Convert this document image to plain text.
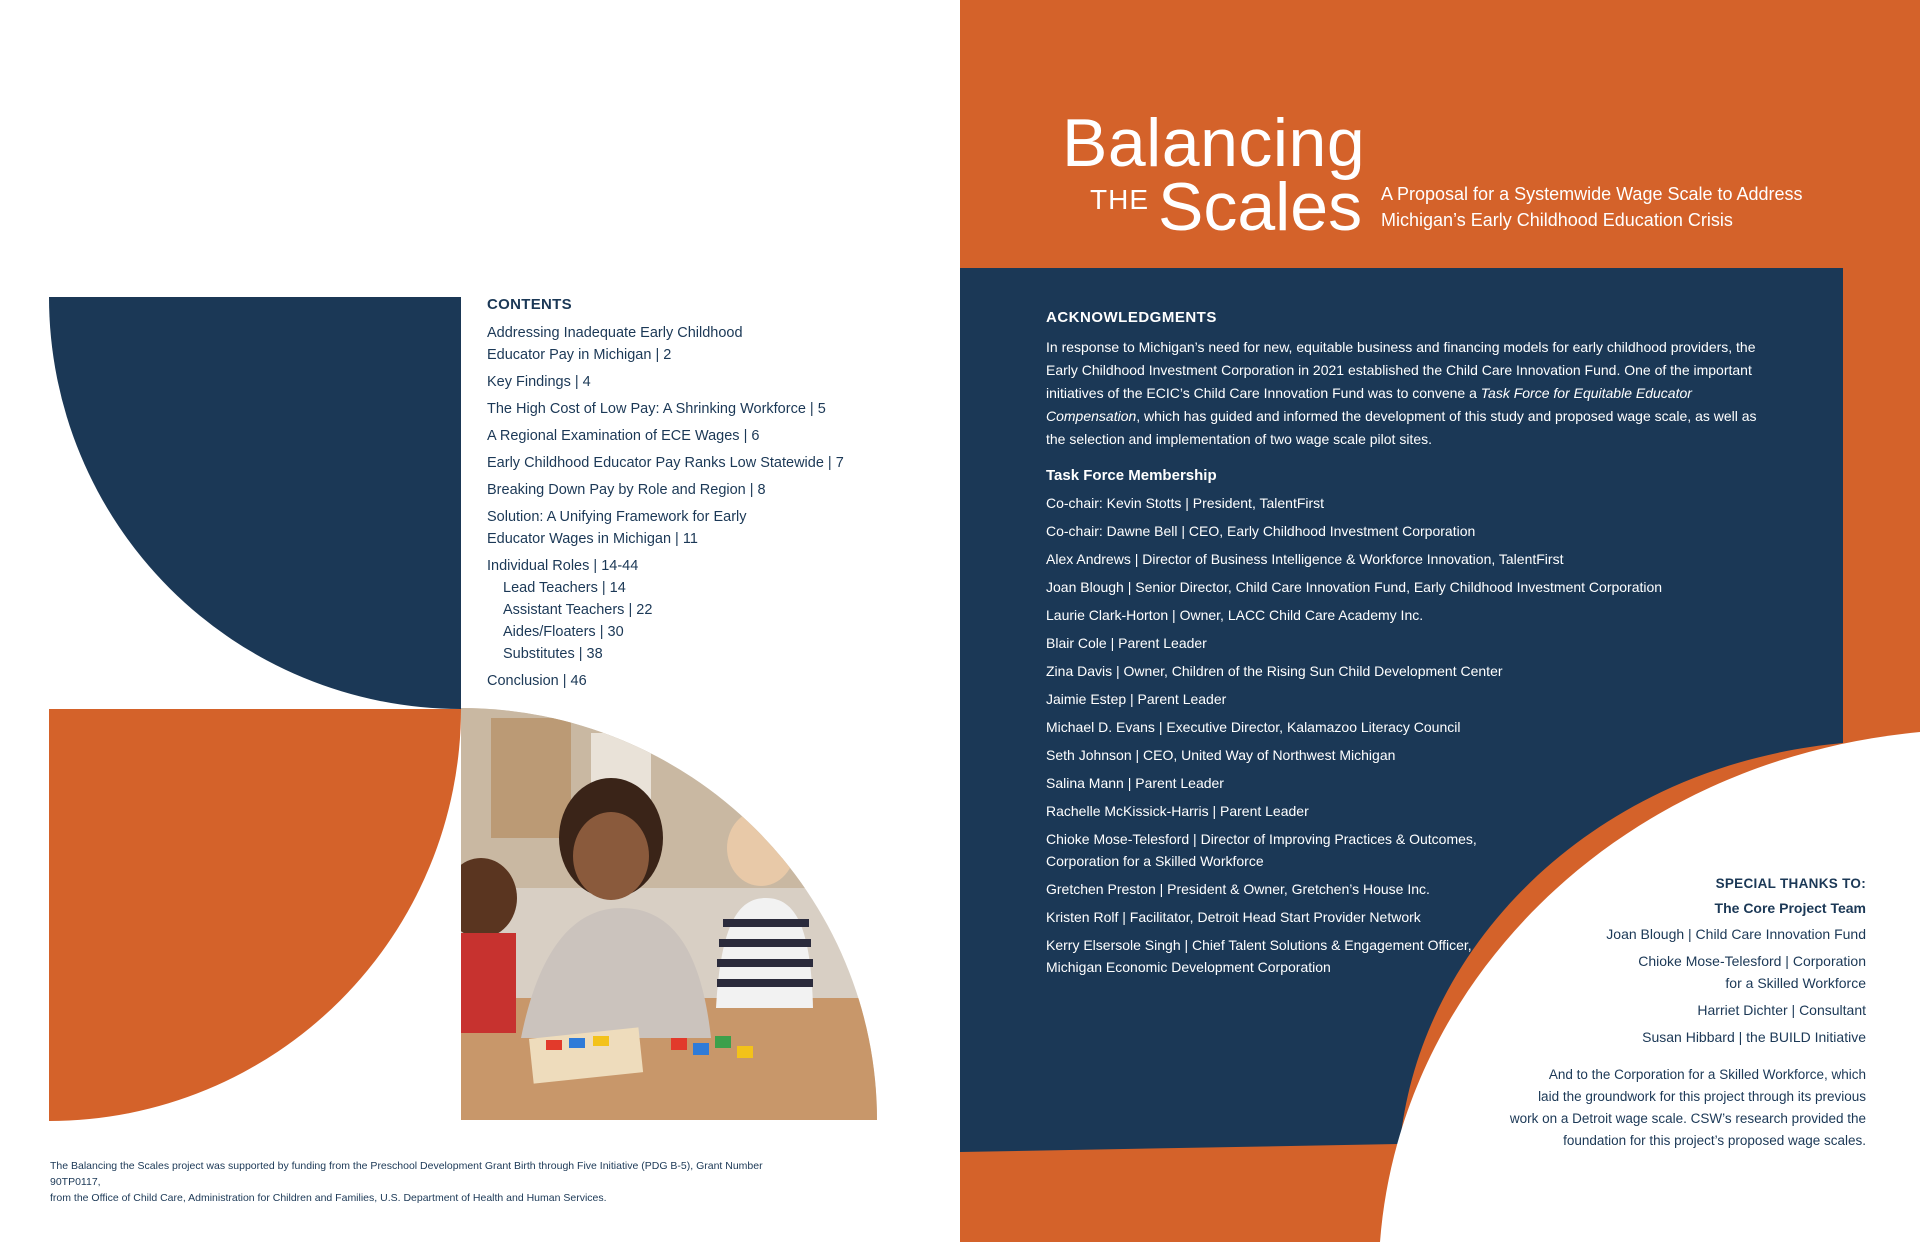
CONTENTS
Addressing Inadequate Early Childhood
Educator Pay in Michigan | 2
Key Findings | 4
The High Cost of Low Pay: A Shrinking Workforce | 5
A Regional Examination of ECE Wages | 6
Early Childhood Educator Pay Ranks Low Statewide | 7
Breaking Down Pay by Role and Region | 8
Solution: A Unifying Framework for Early
Educator Wages in Michigan | 11
Individual Roles | 14-44
Lead Teachers | 14
Assistant Teachers | 22
Aides/Floaters | 30
Substitutes | 38
Conclusion | 46
Balancing
THE Scales A Proposal for a Systemwide Wage Scale to Address
Michigan’s Early Childhood Education Crisis
ACKNOWLEDGMENTS

In response to Michigan’s need for new, equitable business and financing models for early childhood providers, the Early Childhood Investment Corporation in 2021 established the Child Care Innovation Fund. One of the important initiatives of the ECIC’s Child Care Innovation Fund was to convene a Task Force for Equitable Educator Compensation, which has guided and informed the development of this study and proposed wage scale, as well as the selection and implementation of two wage scale pilot sites.

Task Force Membership
Co-chair: Kevin Stotts | President, TalentFirst
Co-chair: Dawne Bell | CEO, Early Childhood Investment Corporation
Alex Andrews | Director of Business Intelligence & Workforce Innovation, TalentFirst
Joan Blough | Senior Director, Child Care Innovation Fund, Early Childhood Investment Corporation
Laurie Clark-Horton | Owner, LACC Child Care Academy Inc.
Blair Cole | Parent Leader
Zina Davis | Owner, Children of the Rising Sun Child Development Center
Jaimie Estep | Parent Leader
Michael D. Evans | Executive Director, Kalamazoo Literacy Council
Seth Johnson | CEO, United Way of Northwest Michigan
Salina Mann | Parent Leader
Rachelle McKissick-Harris | Parent Leader
Chioke Mose-Telesford | Director of Improving Practices & Outcomes,
Corporation for a Skilled Workforce
Gretchen Preston | President & Owner, Gretchen’s House Inc.
Kristen Rolf | Facilitator, Detroit Head Start Provider Network
Kerry Elsersole Singh | Chief Talent Solutions & Engagement Officer,
Michigan Economic Development Corporation
SPECIAL THANKS TO:
The Core Project Team
Joan Blough | Child Care Innovation Fund
Chioke Mose-Telesford | Corporation
for a Skilled Workforce
Harriet Dichter | Consultant
Susan Hibbard | the BUILD Initiative
And to the Corporation for a Skilled Workforce, which
laid the groundwork for this project through its previous
work on a Detroit wage scale. CSW’s research provided the
foundation for this project’s proposed wage scales.
The Balancing the Scales project was supported by funding from the Preschool Development Grant Birth through Five Initiative (PDG B-5), Grant Number 90TP0117,
from the Office of Child Care, Administration for Children and Families, U.S. Department of Health and Human Services.
